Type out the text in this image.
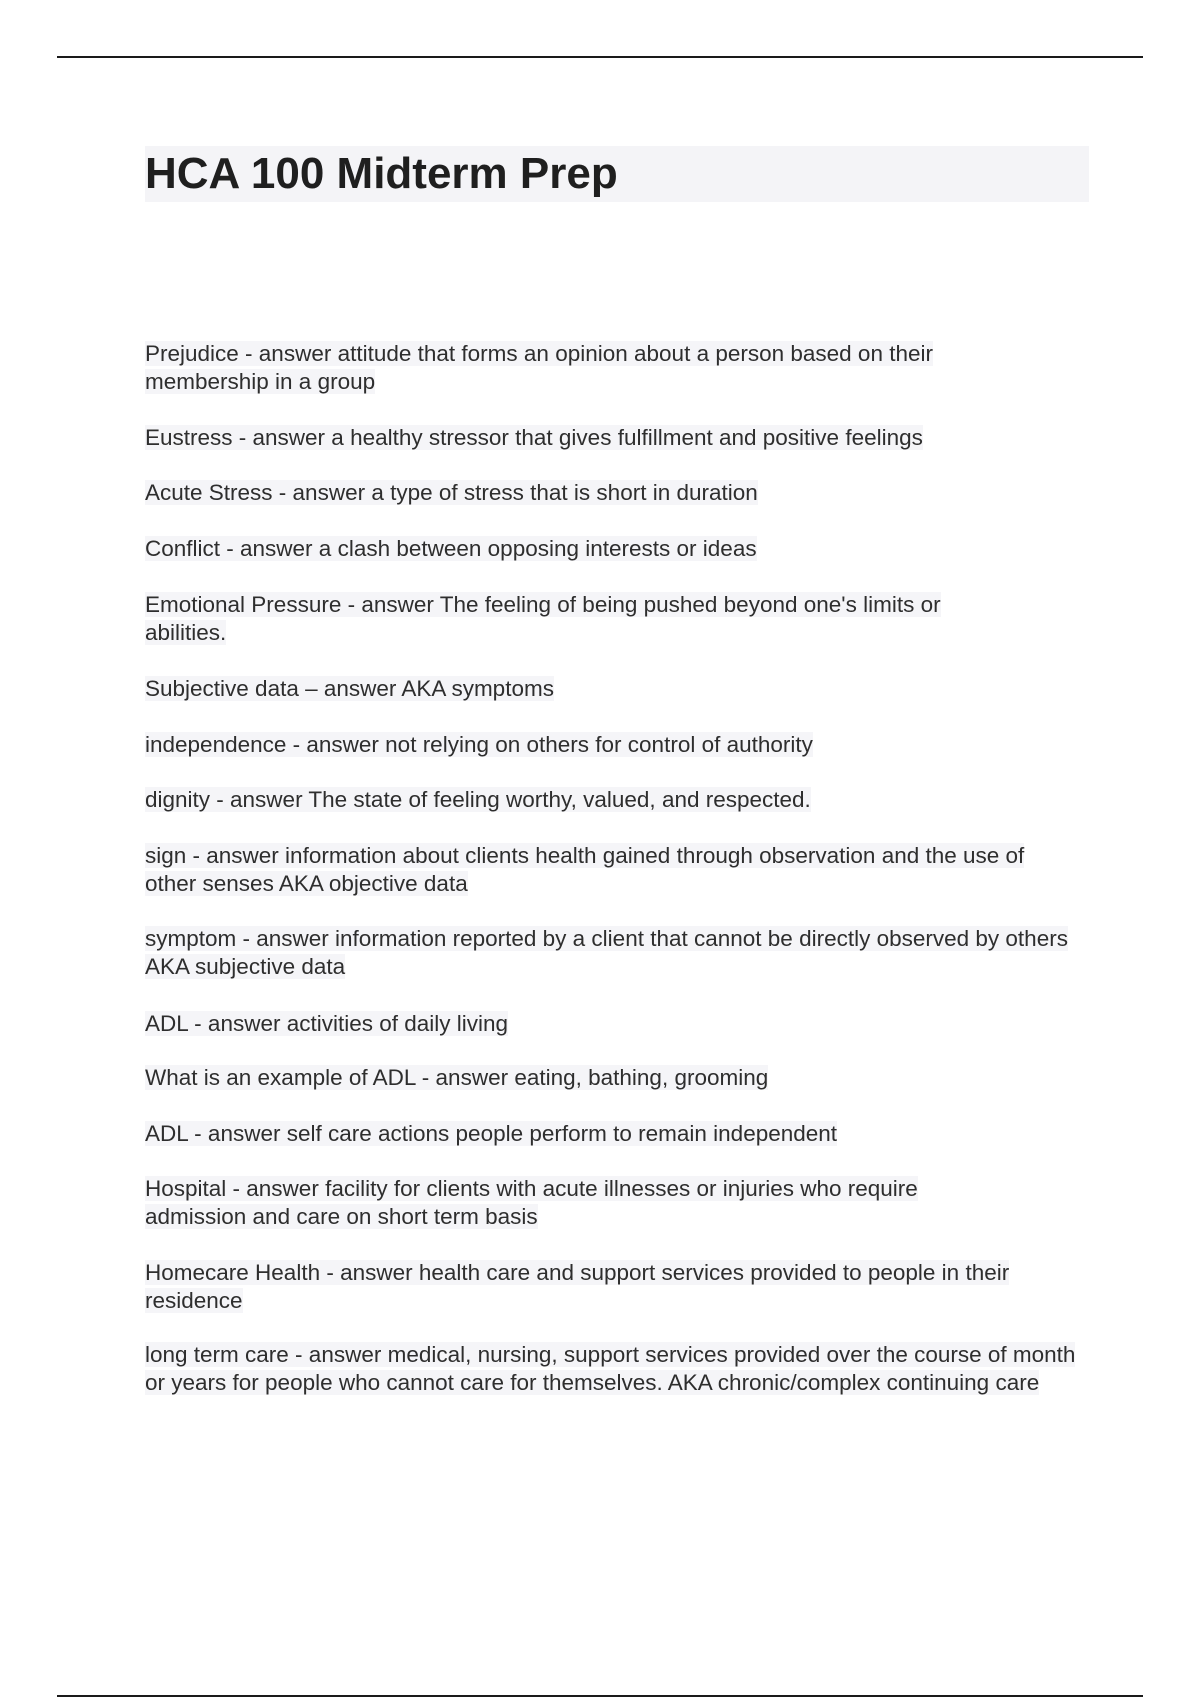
HCA 100 Midterm Prep

Prejudice - answer attitude that forms an opinion about a person based on their membership in a group

Eustress - answer a healthy stressor that gives fulfillment and positive feelings

Acute Stress - answer a type of stress that is short in duration

Conflict - answer a clash between opposing interests or ideas

Emotional Pressure - answer The feeling of being pushed beyond one's limits or abilities.

Subjective data – answer AKA symptoms

independence - answer not relying on others for control of authority

dignity - answer The state of feeling worthy, valued, and respected.

sign - answer information about clients health gained through observation and the use of other senses AKA objective data

symptom - answer information reported by a client that cannot be directly observed by others AKA subjective data

ADL - answer activities of daily living

What is an example of ADL - answer eating, bathing, grooming

ADL - answer self care actions people perform to remain independent

Hospital - answer facility for clients with acute illnesses or injuries who require admission and care on short term basis

Homecare Health - answer health care and support services provided to people in their residence

long term care - answer medical, nursing, support services provided over the course of month or years for people who cannot care for themselves. AKA chronic/complex continuing care
